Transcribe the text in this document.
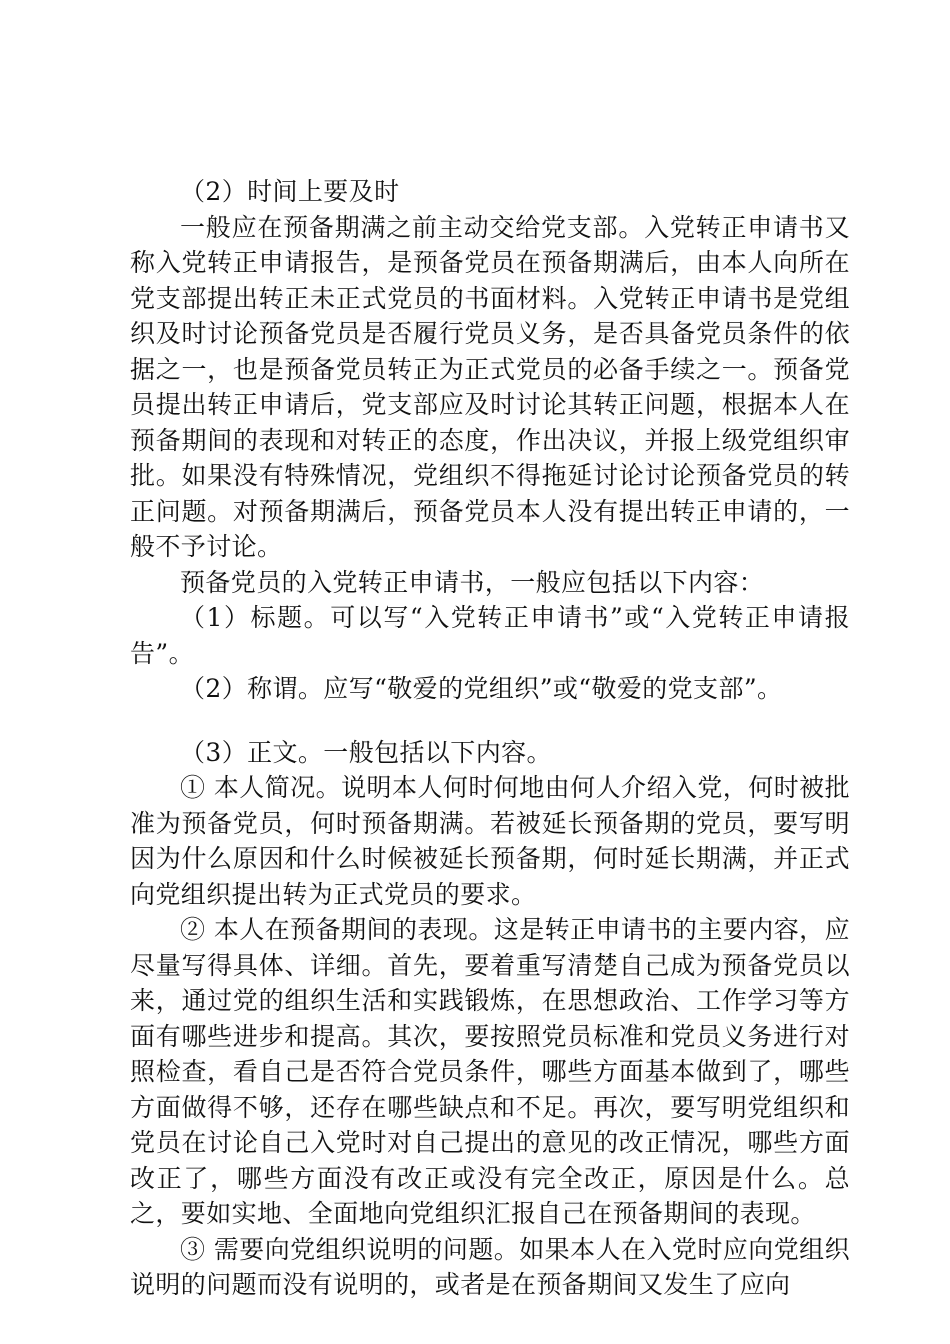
（2）时间上要及时

一般应在预备期满之前主动交给党支部。入党转正申请书又称入党转正申请报告，是预备党员在预备期满后，由本人向所在党支部提出转正未正式党员的书面材料。入党转正申请书是党组织及时讨论预备党员是否履行党员义务，是否具备党员条件的依据之一，也是预备党员转正为正式党员的必备手续之一。预备党员提出转正申请后，党支部应及时讨论其转正问题，根据本人在预备期间的表现和对转正的态度，作出决议，并报上级党组织审批。如果没有特殊情况，党组织不得拖延讨论讨论预备党员的转正问题。对预备期满后，预备党员本人没有提出转正申请的，一般不予讨论。

预备党员的入党转正申请书，一般应包括以下内容：

（1）标题。可以写“入党转正申请书”或“入党转正申请报告”。

（2）称谓。应写“敬爱的党组织”或“敬爱的党支部”。

（3）正文。一般包括以下内容。

① 本人简况。说明本人何时何地由何人介绍入党，何时被批准为预备党员，何时预备期满。若被延长预备期的党员，要写明因为什么原因和什么时候被延长预备期，何时延长期满，并正式向党组织提出转为正式党员的要求。

② 本人在预备期间的表现。这是转正申请书的主要内容，应尽量写得具体、详细。首先，要着重写清楚自己成为预备党员以来，通过党的组织生活和实践锻炼，在思想政治、工作学习等方面有哪些进步和提高。其次，要按照党员标准和党员义务进行对照检查，看自己是否符合党员条件，哪些方面基本做到了，哪些方面做得不够，还存在哪些缺点和不足。再次，要写明党组织和党员在讨论自己入党时对自己提出的意见的改正情况，哪些方面改正了，哪些方面没有改正或没有完全改正，原因是什么。总之，要如实地、全面地向党组织汇报自己在预备期间的表现。

③ 需要向党组织说明的问题。如果本人在入党时应向党组织说明的问题而没有说明的，或者是在预备期间又发生了应向
